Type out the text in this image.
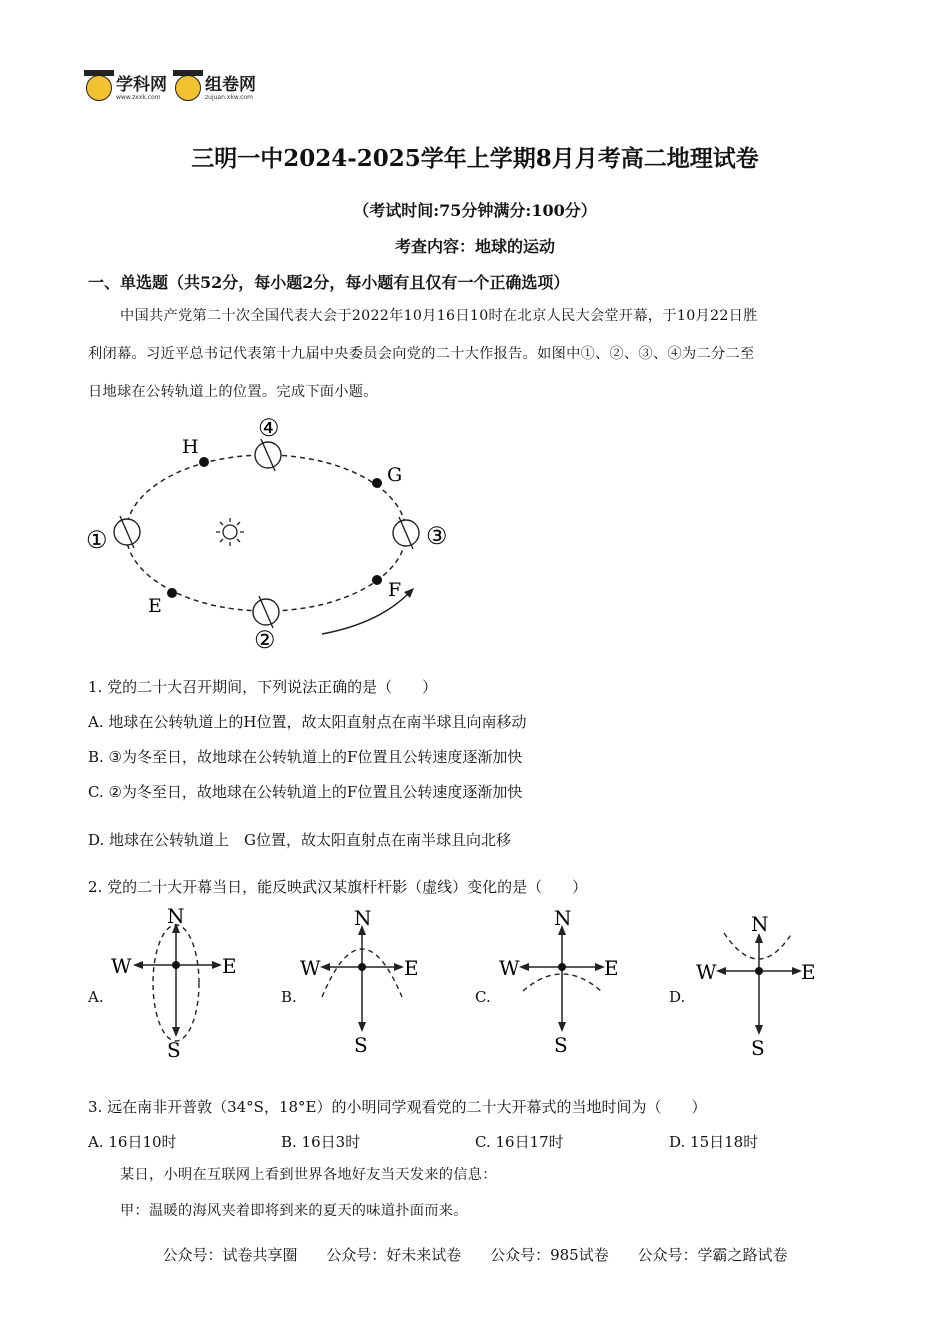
学科网
www.zxxk.com
组卷网
zujuan.xkw.com
三明一中2024-2025学年上学期8月月考高二地理试卷
（考试时间:75分钟满分:100分）
考查内容：地球的运动
一、单选题（共52分，每小题2分，每小题有且仅有一个正确选项）
中国共产党第二十次全国代表大会于2022年10月16日10时在北京人民大会堂开幕，于10月22日胜
利闭幕。习近平总书记代表第十九届中央委员会向党的二十大作报告。如图中①、②、③、④为二分二至
日地球在公转轨道上的位置。完成下面小题。
H
G
E
F
①
②
③
④
1. 党的二十大召开期间，下列说法正确的是（　　）
A. 地球在公转轨道上的H位置，故太阳直射点在南半球且向南移动
B. ③为冬至日，故地球在公转轨道上的F位置且公转速度逐渐加快
C. ②为冬至日，故地球在公转轨道上的F位置且公转速度逐渐加快
D. 地球在公转轨道上　G位置，故太阳直射点在南半球且向北移
2. 党的二十大开幕当日，能反映武汉某旗杆杆影（虚线）变化的是（　　）
A.
N
S
W	E
B.
N
S
W	E
C.
N
S
W	E
D.
N
S
W	E
3. 远在南非开普敦（34°S，18°E）的小明同学观看党的二十大开幕式的当地时间为（　　）
A. 16日10时	B. 16日3时	C. 16日17时	D. 15日18时
某日，小明在互联网上看到世界各地好友当天发来的信息：
甲：温暖的海风夹着即将到来的夏天的味道扑面而来。
公众号：试卷共享圈 公众号：好未来试卷 公众号：985试卷 公众号：学霸之路试卷
